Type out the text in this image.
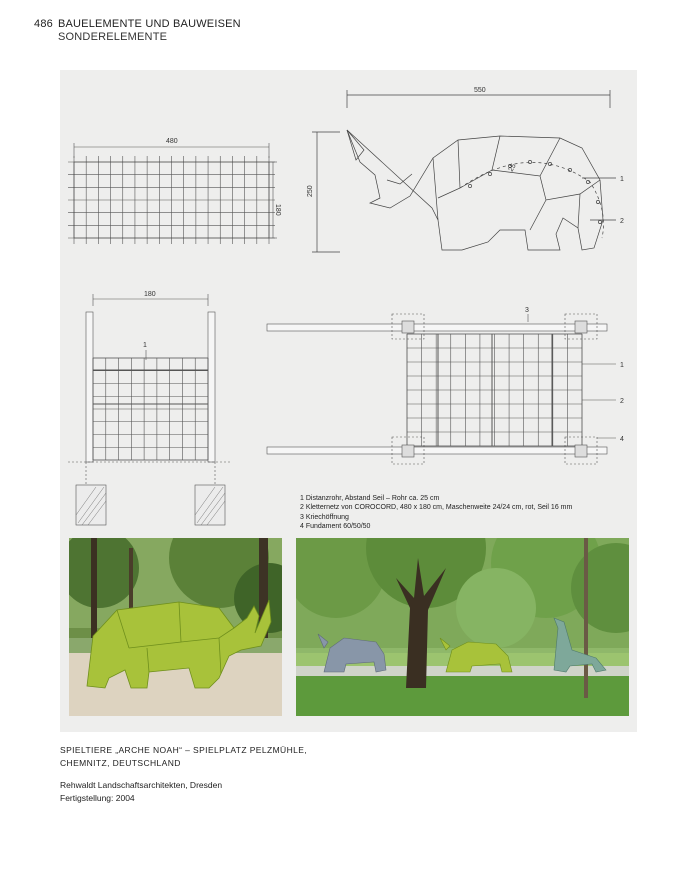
486 BAUELEMENTE UND BAUWEISEN
SONDERELEMENTE
480
180
550
250
25
1
2
180
1
3
1
2
4
1 Distanzrohr, Abstand Seil – Rohr ca. 25 cm
2 Kletternetz von COROCORD, 480 x 180 cm, Maschenweite 24/24 cm, rot, Seil 16 mm
3 Kriechöffnung
4 Fundament 60/50/50
SPIELTIERE „ARCHE NOAH“ – SPIELPLATZ PELZMÜHLE,
CHEMNITZ, DEUTSCHLAND
Rehwaldt Landschaftsarchitekten, Dresden
Fertigstellung: 2004
